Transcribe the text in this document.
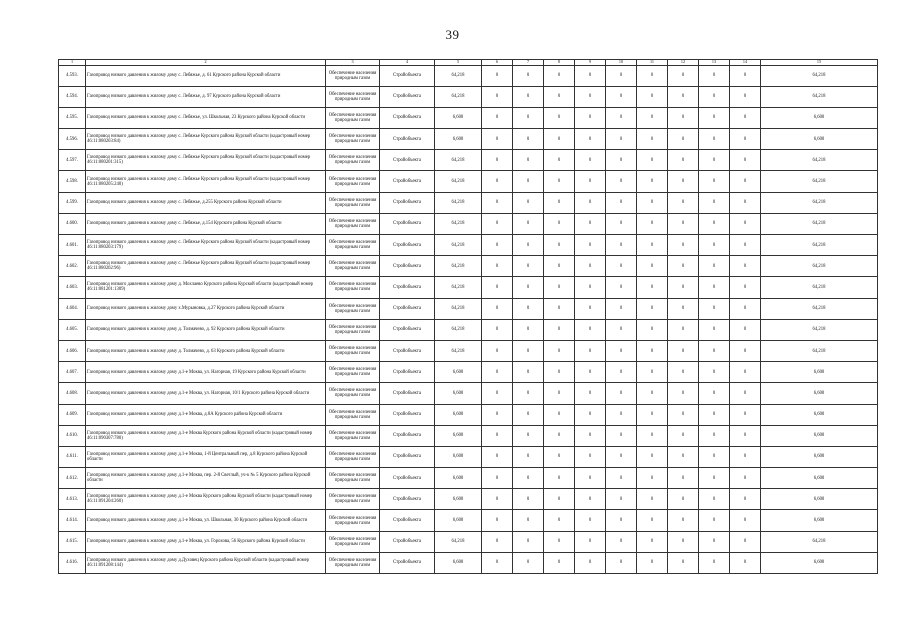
39
1	2	3	4	5	6	7	8	9	10	11	12	13	14	15
4.593.	Газопровод низкого давления к жилому дому с. Лебяжье, д. 61 Курского района Курской области	Обеспечение населения природным газом	Стройобъекта	64,218	0	0	0	0	0	0	0	0	0	64,218
4.594.	Газопровод низкого давления к жилому дому с. Лебяжье, д. 97 Курского района Курской области	Обеспечение населения природным газом	Стройобъекта	64,218	0	0	0	0	0	0	0	0	0	64,218
4.595.	Газопровод низкого давления к жилому дому с. Лебяжье, ул. Школьная, 23 Курского района Курской области	Обеспечение населения природным газом	Стройобъекта	6,600	0	0	0	0	0	0	0	0	0	6,600
4.596.	Газопровод низкого давления к жилому дому с. Лебяжье Курского района Курской области (кадастровый номер 46:11:080203:84)	Обеспечение населения природным газом	Стройобъекта	6,600	0	0	0	0	0	0	0	0	0	6,600
4.597.	Газопровод низкого давления к жилому дому с. Лебяжье Курского района Курской области (кадастровый номер 46:11:080201:315)	Обеспечение населения природным газом	Стройобъекта	64,218	0	0	0	0	0	0	0	0	0	64,218
4.598.	Газопровод низкого давления к жилому дому с. Лебяжье Курского района Курской области (кадастровый номер 46:11:080205:240)	Обеспечение населения природным газом	Стройобъекта	64,218	0	0	0	0	0	0	0	0	0	64,218
4.599.	Газопровод низкого давления к жилому дому с. Лебяжье, д.255 Курского района Курской области	Обеспечение населения природным газом	Стройобъекта	64,218	0	0	0	0	0	0	0	0	0	64,218
4.600.	Газопровод низкого давления к жилому дому с. Лебяжье, д.154 Курского района Курской области	Обеспечение населения природным газом	Стройобъекта	64,218	0	0	0	0	0	0	0	0	0	64,218
4.601.	Газопровод низкого давления к жилому дому с. Лебяжье Курского района Курской области (кадастровый номер 46:11:080203:179)	Обеспечение населения природным газом	Стройобъекта	64,218	0	0	0	0	0	0	0	0	0	64,218
4.602.	Газопровод низкого давления к жилому дому с. Лебяжье Курского района Курской области (кадастровый номер 46:11:080202:96)	Обеспечение населения природным газом	Стройобъекта	64,218	0	0	0	0	0	0	0	0	0	64,218
4.603.	Газопровод низкого давления к жилому дому д. Мохлаево Курского района Курской области (кадастровый номер 46:11:081201:1309)	Обеспечение населения природным газом	Стройобъекта	64,218	0	0	0	0	0	0	0	0	0	64,218
4.604.	Газопровод низкого давления к жилому дому х.Мурыновка, д.27 Курского района Курской области	Обеспечение населения природным газом	Стройобъекта	64,218	0	0	0	0	0	0	0	0	0	64,218
4.605.	Газопровод низкого давления к жилому дому д. Толмачево, д. 92 Курского района Курской области	Обеспечение населения природным газом	Стройобъекта	64,218	0	0	0	0	0	0	0	0	0	64,218
4.606.	Газопровод низкого давления к жилому дому д. Толмачево, д. 63 Курского района Курской области	Обеспечение населения природным газом	Стройобъекта	64,218	0	0	0	0	0	0	0	0	0	64,218
4.607.	Газопровод низкого давления к жилому дому д.1-е Моква, ул. Нагорная, 19 Курского района Курской области	Обеспечение населения природным газом	Стройобъекта	6,600	0	0	0	0	0	0	0	0	0	6,600
4.608.	Газопровод низкого давления к жилому дому д.1-е Моква, ул. Нагорная, 10/1 Курского района Курской области	Обеспечение населения природным газом	Стройобъекта	6,600	0	0	0	0	0	0	0	0	0	6,600
4.609.	Газопровод низкого давления к жилому дому д.1-е Моква, д.8А Курского района Курской области	Обеспечение населения природным газом	Стройобъекта	6,600	0	0	0	0	0	0	0	0	0	6,600
4.610.	Газопровод низкого давления к жилому дому д.1-е Моква Курского района Курской области (кадастровый номер 46:11:090307:780)	Обеспечение населения природным газом	Стройобъекта	6,600	0	0	0	0	0	0	0	0	0	6,600
4.611.	Газопровод низкого давления к жилому дому д.1-е Моква, 1-й Центральный пер, д.8 Курского района Курской области	Обеспечение населения природным газом	Стройобъекта	6,600	0	0	0	0	0	0	0	0	0	6,600
4.612.	Газопровод низкого давления к жилому дому д.1-е Моква, пер. 2-й Светлый, уч-к № 5 Курского района Курской области	Обеспечение населения природным газом	Стройобъекта	6,600	0	0	0	0	0	0	0	0	0	6,600
4.613.	Газопровод низкого давления к жилому дому д.1-е Моква Курского района Курской области (кадастровый номер 46:11:091204:260)	Обеспечение населения природным газом	Стройобъекта	6,600	0	0	0	0	0	0	0	0	0	6,600
4.614.	Газопровод низкого давления к жилому дому д.1-е Моква, ул. Школьная, 30 Курского района Курской области	Обеспечение населения природным газом	Стройобъекта	6,600	0	0	0	0	0	0	0	0	0	6,600
4.615.	Газопровод низкого давления к жилому дому д.1-е Моква, ул. Горохова, 56 Курского района Курской области	Обеспечение населения природным газом	Стройобъекта	64,218	0	0	0	0	0	0	0	0	0	64,218
4.616.	Газопровод низкого давления к жилому дому д.Духовец Курского района Курской области (кадастровый номер 46:11:091208:144)	Обеспечение населения природным газом	Стройобъекта	6,600	0	0	0	0	0	0	0	0	0	6,600
